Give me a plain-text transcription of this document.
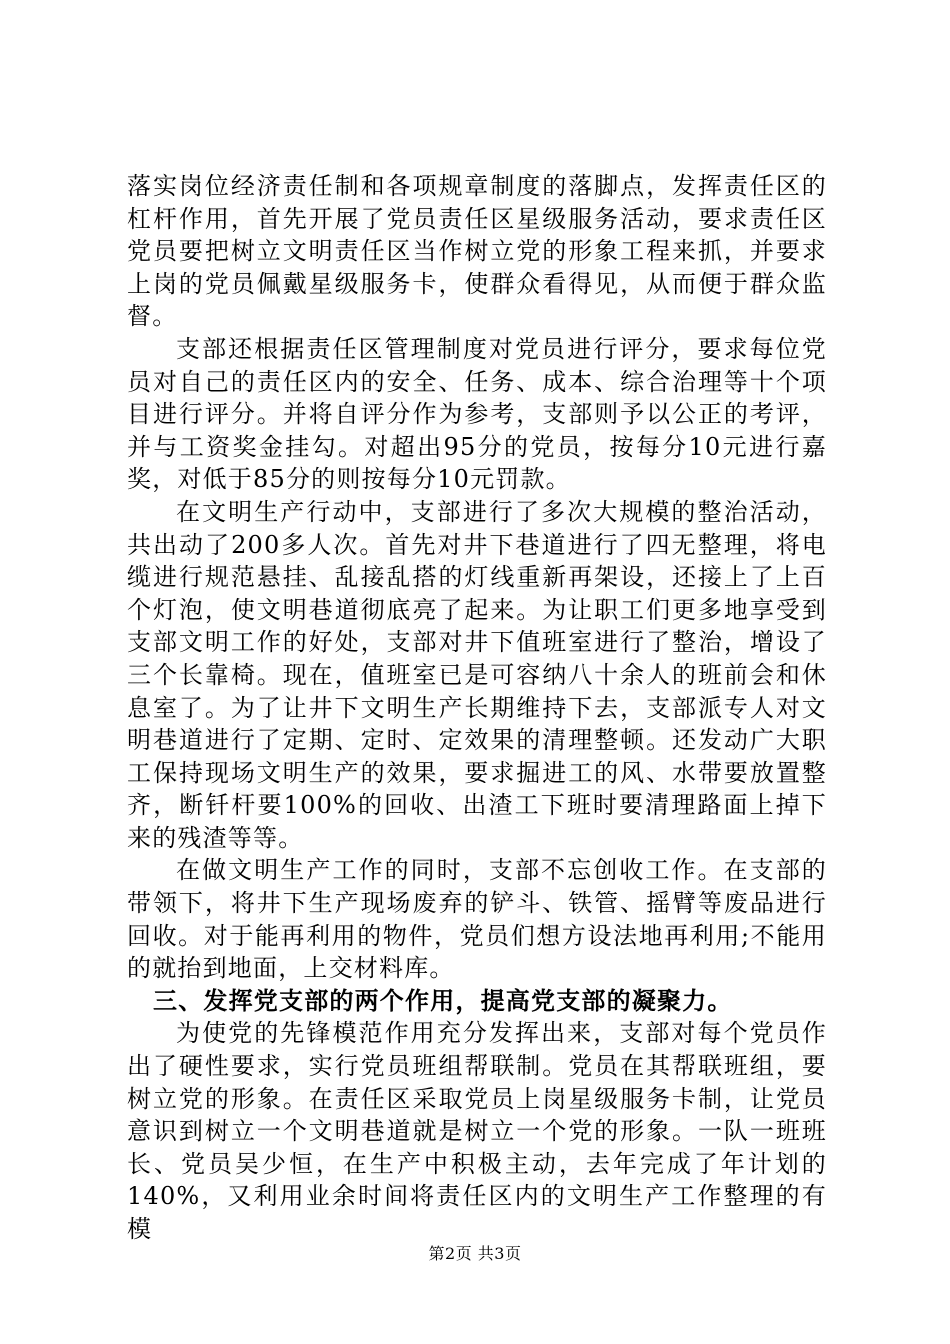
落实岗位经济责任制和各项规章制度的落脚点，发挥责任区的杠杆作用，首先开展了党员责任区星级服务活动，要求责任区党员要把树立文明责任区当作树立党的形象工程来抓，并要求上岗的党员佩戴星级服务卡，使群众看得见，从而便于群众监督。

支部还根据责任区管理制度对党员进行评分，要求每位党员对自己的责任区内的安全、任务、成本、综合治理等十个项目进行评分。并将自评分作为参考，支部则予以公正的考评，并与工资奖金挂勾。对超出95分的党员，按每分10元进行嘉奖，对低于85分的则按每分10元罚款。

在文明生产行动中，支部进行了多次大规模的整治活动，共出动了200多人次。首先对井下巷道进行了四无整理，将电缆进行规范悬挂、乱接乱搭的灯线重新再架设，还接上了上百个灯泡，使文明巷道彻底亮了起来。为让职工们更多地享受到支部文明工作的好处，支部对井下值班室进行了整治，增设了三个长靠椅。现在，值班室已是可容纳八十余人的班前会和休息室了。为了让井下文明生产长期维持下去，支部派专人对文明巷道进行了定期、定时、定效果的清理整顿。还发动广大职工保持现场文明生产的效果，要求掘进工的风、水带要放置整齐，断钎杆要100%的回收、出渣工下班时要清理路面上掉下来的残渣等等。

在做文明生产工作的同时，支部不忘创收工作。在支部的带领下，将井下生产现场废弃的铲斗、铁管、摇臂等废品进行回收。对于能再利用的物件，党员们想方设法地再利用;不能用的就抬到地面，上交材料库。

三、发挥党支部的两个作用，提高党支部的凝聚力。

为使党的先锋模范作用充分发挥出来，支部对每个党员作出了硬性要求，实行党员班组帮联制。党员在其帮联班组，要树立党的形象。在责任区采取党员上岗星级服务卡制，让党员意识到树立一个文明巷道就是树立一个党的形象。一队一班班长、党员吴少恒，在生产中积极主动，去年完成了年计划的140%，又利用业余时间将责任区内的文明生产工作整理的有模

第2页 共3页
